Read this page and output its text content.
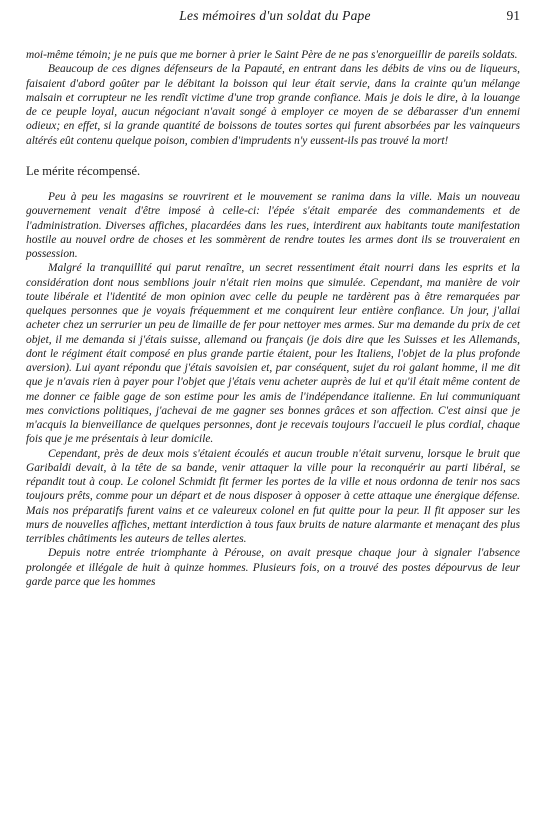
Les mémoires d'un soldat du Pape	91

moi-même témoin; je ne puis que me borner à prier le Saint Père de ne pas s'enorgueillir de pareils soldats.

Beaucoup de ces dignes défenseurs de la Papauté, en entrant dans les débits de vins ou de liqueurs, faisaient d'abord goûter par le débitant la boisson qui leur était servie, dans la crainte qu'un mélange malsain et corrupteur ne les rendît victime d'une trop grande confiance. Mais je dois le dire, à la louange de ce peuple loyal, aucun négociant n'avait songé à employer ce moyen de se débarasser d'un ennemi odieux; en effet, si la grande quantité de boissons de toutes sortes qui furent absorbées par les vainqueurs altérés eût contenu quelque poison, combien d'imprudents n'y eussent-ils pas trouvé la mort!

Le mérite récompensé.

Peu à peu les magasins se rouvrirent et le mouvement se ranima dans la ville. Mais un nouveau gouvernement venait d'être imposé à celle-ci: l'épée s'était emparée des commandements et de l'administration. Diverses affiches, placardées dans les rues, interdirent aux habitants toute manifestation hostile au nouvel ordre de choses et les sommèrent de rendre toutes les armes dont ils se trouveraient en possession.

Malgré la tranquillité qui parut renaître, un secret ressentiment était nourri dans les esprits et la considération dont nous semblions jouir n'était rien moins que simulée. Cependant, ma manière de voir toute libérale et l'identité de mon opinion avec celle du peuple ne tardèrent pas à être remarquées par quelques personnes que je voyais fréquemment et me conquirent leur entière confiance. Un jour, j'allai acheter chez un serrurier un peu de limaille de fer pour nettoyer mes armes. Sur ma demande du prix de cet objet, il me demanda si j'étais suisse, allemand ou français (je dois dire que les Suisses et les Allemands, dont le régiment était composé en plus grande partie étaient, pour les Italiens, l'objet de la plus profonde aversion). Lui ayant répondu que j'étais savoisien et, par conséquent, sujet du roi galant homme, il me dit que je n'avais rien à payer pour l'objet que j'étais venu acheter auprès de lui et qu'il était même content de me donner ce faible gage de son estime pour les amis de l'indépendance italienne. En lui communiquant mes convictions politiques, j'achevai de me gagner ses bonnes grâces et son affection. C'est ainsi que je m'acquis la bienveillance de quelques personnes, dont je recevais toujours l'accueil le plus cordial, chaque fois que je me présentais à leur domicile.

Cependant, près de deux mois s'étaient écoulés et aucun trouble n'était survenu, lorsque le bruit que Garibaldi devait, à la tête de sa bande, venir attaquer la ville pour la reconquérir au parti libéral, se répandit tout à coup. Le colonel Schmidt fit fermer les portes de la ville et nous ordonna de tenir nos sacs toujours prêts, comme pour un départ et de nous disposer à opposer à cette attaque une énergique défense. Mais nos préparatifs furent vains et ce valeureux colonel en fut quitte pour la peur. Il fit apposer sur les murs de nouvelles affiches, mettant interdiction à tous faux bruits de nature alarmante et menaçant des plus terribles châtiments les auteurs de telles alertes.

Depuis notre entrée triomphante à Pérouse, on avait presque chaque jour à signaler l'absence prolongée et illégale de huit à quinze hommes. Plusieurs fois, on a trouvé des postes dépourvus de leur garde parce que les hommes
